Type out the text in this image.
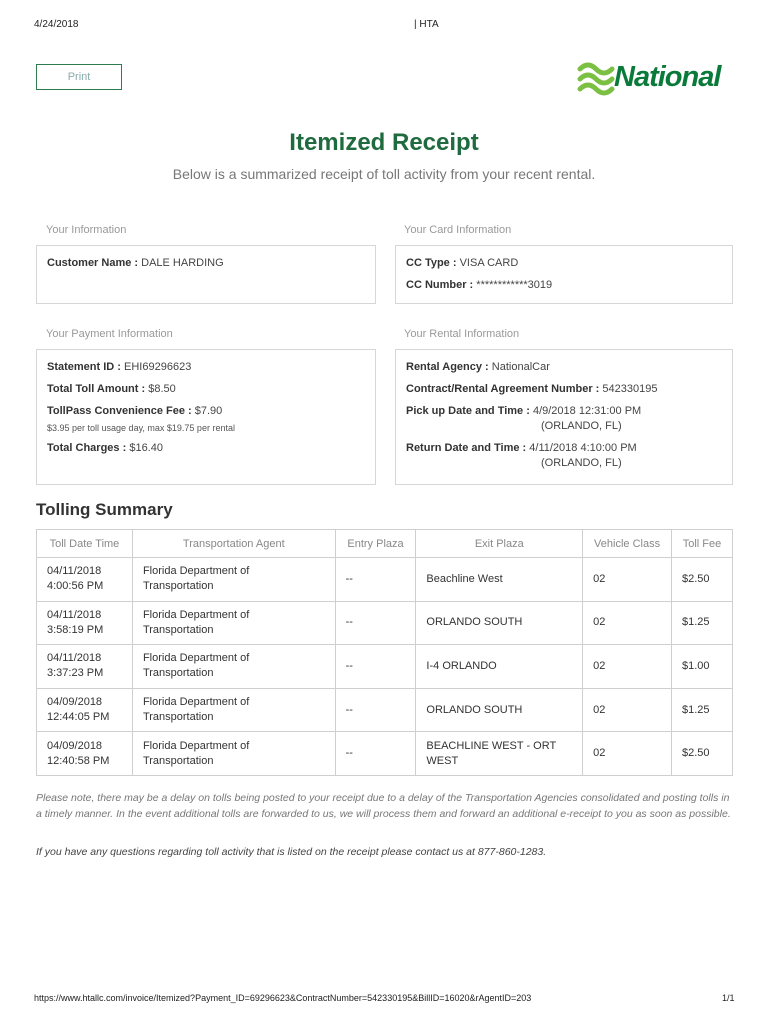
4/24/2018	| HTA
Print	National
Itemized Receipt
Below is a summarized receipt of toll activity from your recent rental.
Your Information
Customer Name : DALE HARDING
Your Card Information
CC Type : VISA CARD
CC Number : ************3019
Your Payment Information
Statement ID : EHI69296623
Total Toll Amount : $8.50
TollPass Convenience Fee : $7.90
$3.95 per toll usage day, max $19.75 per rental
Total Charges : $16.40
Your Rental Information
Rental Agency : NationalCar
Contract/Rental Agreement Number : 542330195
Pick up Date and Time : 4/9/2018 12:31:00 PM
(ORLANDO, FL)
Return Date and Time : 4/11/2018 4:10:00 PM
(ORLANDO, FL)
Tolling Summary
Toll Date Time	Transportation Agent	Entry Plaza	Exit Plaza	Vehicle Class	Toll Fee
04/11/2018
4:00:56 PM	Florida Department of
Transportation	--	Beachline West	02	$2.50
04/11/2018
3:58:19 PM	Florida Department of
Transportation	--	ORLANDO SOUTH	02	$1.25
04/11/2018
3:37:23 PM	Florida Department of
Transportation	--	I-4 ORLANDO	02	$1.00
04/09/2018
12:44:05 PM	Florida Department of
Transportation	--	ORLANDO SOUTH	02	$1.25
04/09/2018
12:40:58 PM	Florida Department of
Transportation	--	BEACHLINE WEST - ORT WEST	02	$2.50
Please note, there may be a delay on tolls being posted to your receipt due to a delay of the Transportation Agencies consolidated and posting tolls in a timely manner. In the event additional tolls are forwarded to us, we will process them and forward an additional e-receipt to you as soon as possible.
If you have any questions regarding toll activity that is listed on the receipt please contact us at 877-860-1283.
https://www.htallc.com/invoice/Itemized?Payment_ID=69296623&ContractNumber=542330195&BillID=16020&rAgentID=203	1/1
